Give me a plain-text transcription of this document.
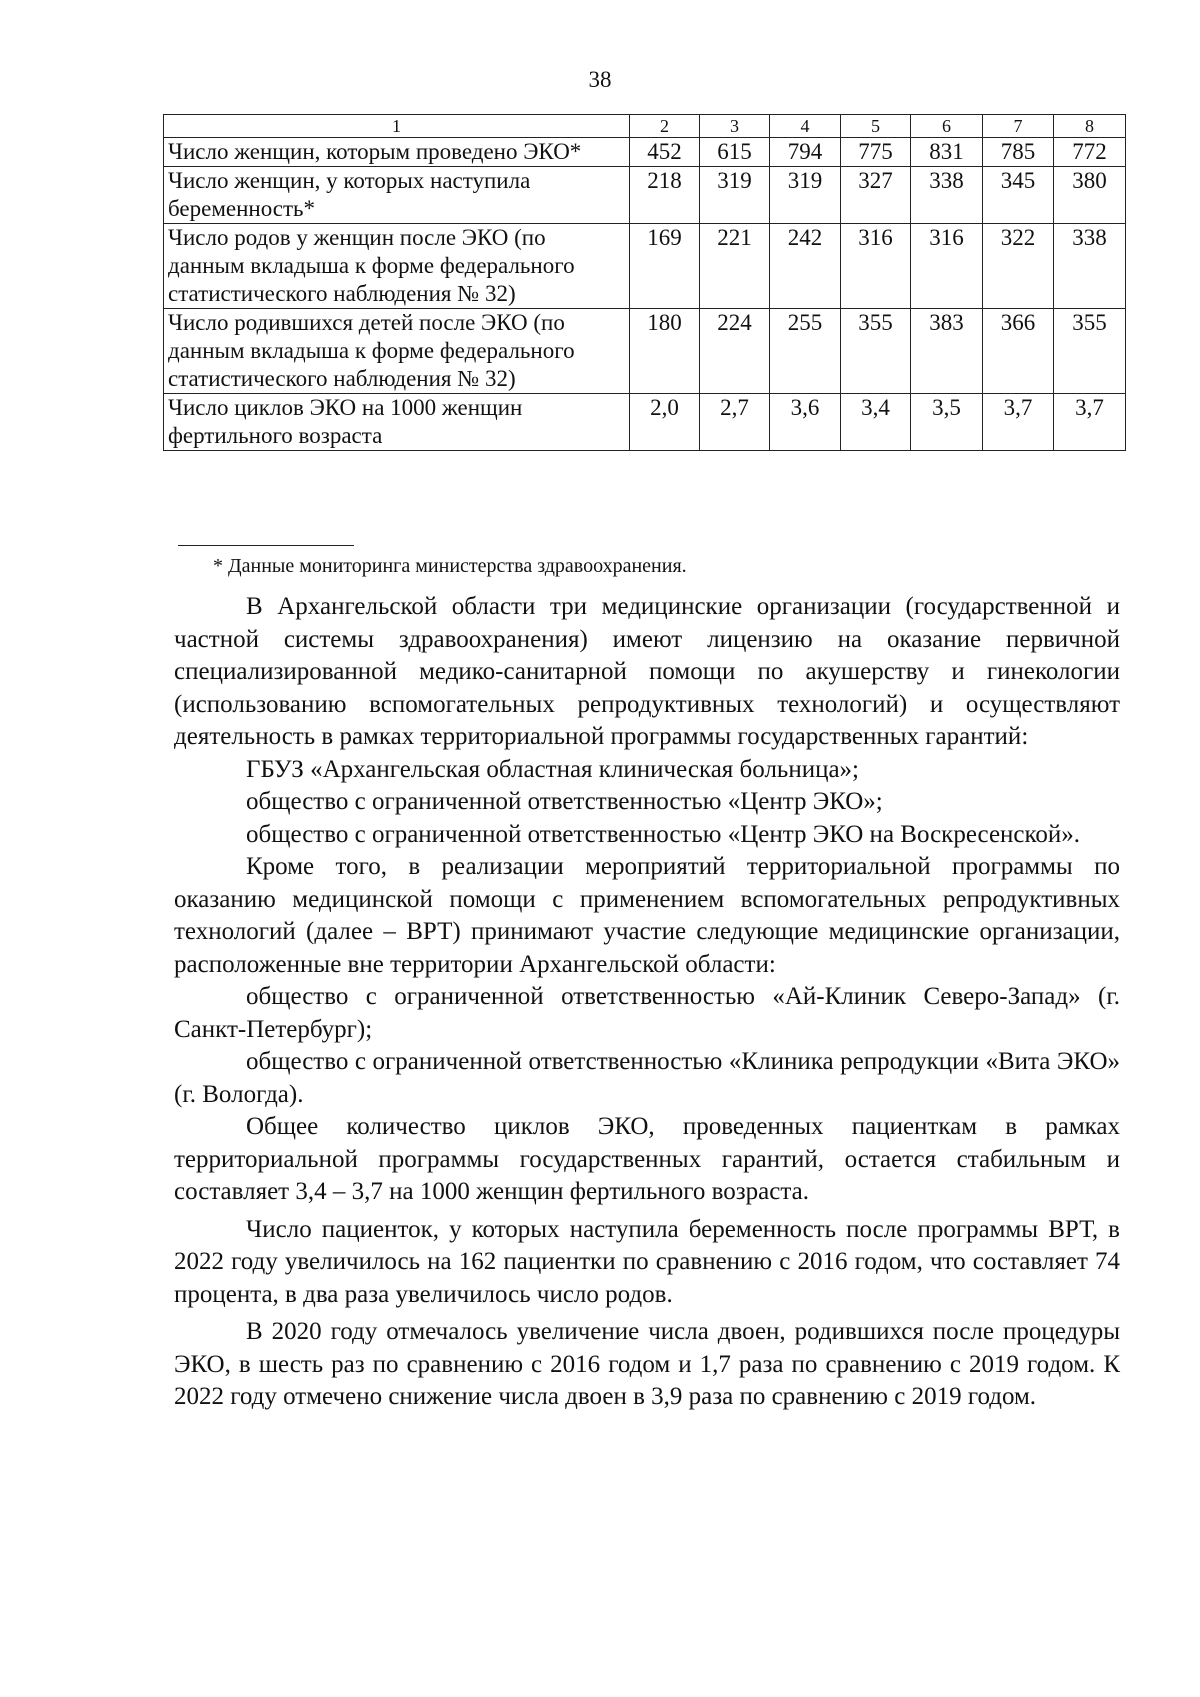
38
1	2	3	4	5	6	7	8
Число женщин, которым проведено ЭКО*	452	615	794	775	831	785	772
Число женщин, у которых наступила беременность*	218	319	319	327	338	345	380
Число родов у женщин после ЭКО (по данным вкладыша к форме федерального статистического наблюдения № 32)	169	221	242	316	316	322	338
Число родившихся детей после ЭКО (по данным вкладыша к форме федерального статистического наблюдения № 32)	180	224	255	355	383	366	355
Число циклов ЭКО на 1000 женщин фертильного возраста	2,0	2,7	3,6	3,4	3,5	3,7	3,7
* Данные мониторинга министерства здравоохранения.

В Архангельской области три медицинские организации (государственной и частной системы здравоохранения) имеют лицензию на оказание первичной специализированной медико-санитарной помощи по акушерству и гинекологии (использованию вспомогательных репродуктивных технологий) и осуществляют деятельность в рамках территориальной программы государственных гарантий:

ГБУЗ «Архангельская областная клиническая больница»;

общество с ограниченной ответственностью «Центр ЭКО»;

общество с ограниченной ответственностью «Центр ЭКО на Воскресенской».

Кроме того, в реализации мероприятий территориальной программы по оказанию медицинской помощи с применением вспомогательных репродуктивных технологий (далее – ВРТ) принимают участие следующие медицинские организации, расположенные вне территории Архангельской области:

общество с ограниченной ответственностью «Ай-Клиник Северо-Запад» (г. Санкт-Петербург);

общество с ограниченной ответственностью «Клиника репродукции «Вита ЭКО» (г. Вологда).

Общее количество циклов ЭКО, проведенных пациенткам в рамках территориальной программы государственных гарантий, остается стабильным и составляет 3,4 – 3,7 на 1000 женщин фертильного возраста.

Число пациенток, у которых наступила беременность после программы ВРТ, в 2022 году увеличилось на 162 пациентки по сравнению с 2016 годом, что составляет 74 процента, в два раза увеличилось число родов.

В 2020 году отмечалось увеличение числа двоен, родившихся после процедуры ЭКО, в шесть раз по сравнению с 2016 годом и 1,7 раза по сравнению с 2019 годом. К 2022 году отмечено снижение числа двоен в 3,9 раза по сравнению с 2019 годом.
